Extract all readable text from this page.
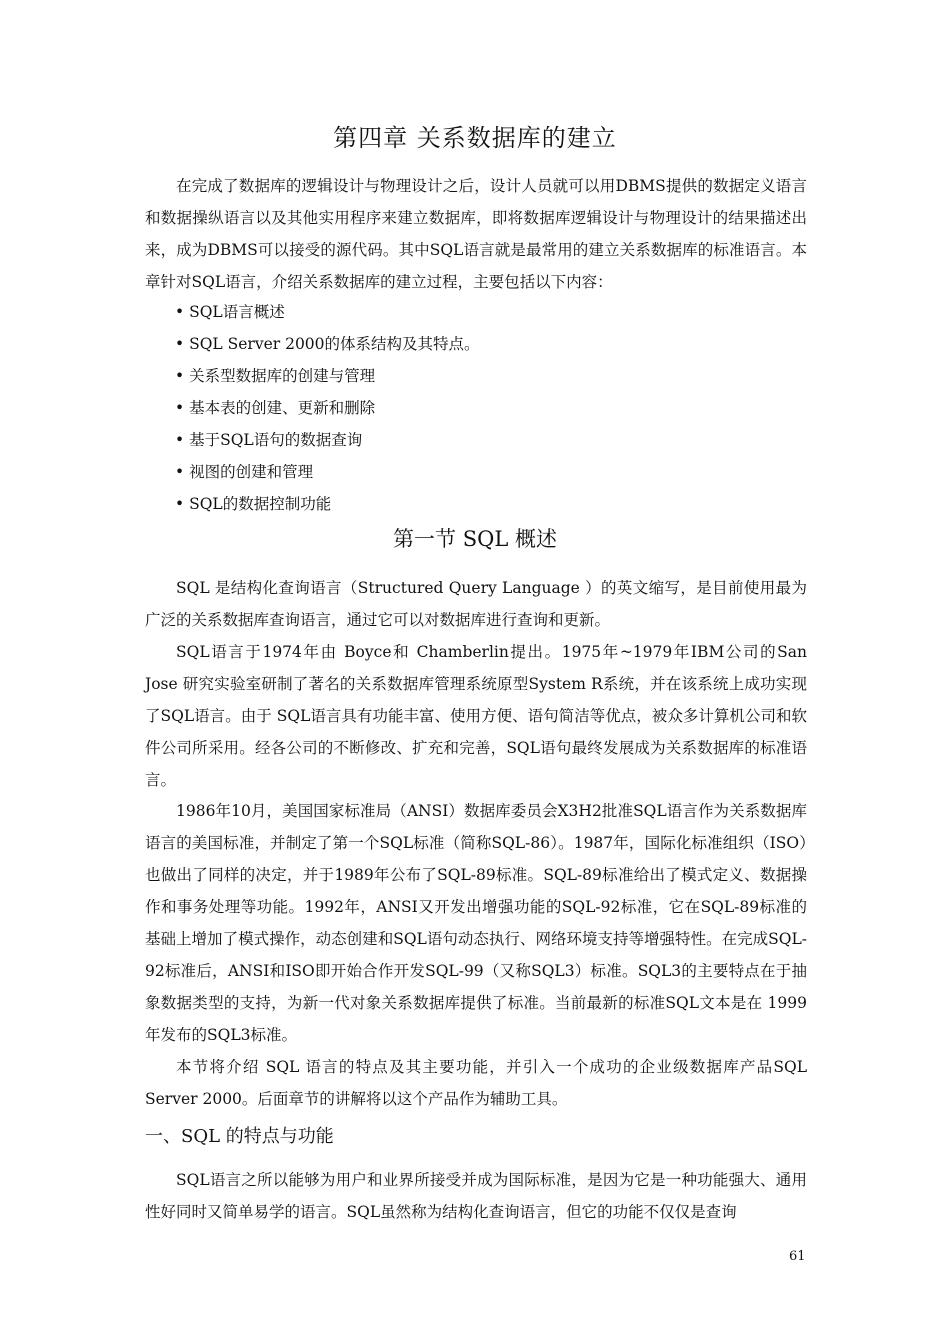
第四章 关系数据库的建立

在完成了数据库的逻辑设计与物理设计之后，设计人员就可以用DBMS提供的数据定义语言和数据操纵语言以及其他实用程序来建立数据库，即将数据库逻辑设计与物理设计的结果描述出来，成为DBMS可以接受的源代码。其中SQL语言就是最常用的建立关系数据库的标准语言。本章针对SQL语言，介绍关系数据库的建立过程，主要包括以下内容：

• SQL语言概述
• SQL Server 2000的体系结构及其特点。
• 关系型数据库的创建与管理
• 基本表的创建、更新和删除
• 基于SQL语句的数据查询
• 视图的创建和管理
• SQL的数据控制功能
第一节 SQL 概述

SQL 是结构化查询语言（Structured Query Language ）的英文缩写，是目前使用最为广泛的关系数据库查询语言，通过它可以对数据库进行查询和更新。

SQL语言于1974年由 Boyce和 Chamberlin提出。1975年~1979年IBM公司的San Jose 研究实验室研制了著名的关系数据库管理系统原型System R系统，并在该系统上成功实现了SQL语言。由于 SQL语言具有功能丰富、使用方便、语句简洁等优点，被众多计算机公司和软件公司所采用。经各公司的不断修改、扩充和完善，SQL语句最终发展成为关系数据库的标准语言。

1986年10月，美国国家标准局（ANSI）数据库委员会X3H2批准SQL语言作为关系数据库语言的美国标准，并制定了第一个SQL标准（简称SQL-86）。1987年，国际化标准组织（ISO）也做出了同样的决定，并于1989年公布了SQL-89标准。SQL-89标准给出了模式定义、数据操作和事务处理等功能。1992年，ANSI又开发出增强功能的SQL-92标准，它在SQL-89标准的基础上增加了模式操作，动态创建和SQL语句动态执行、网络环境支持等增强特性。在完成SQL-92标准后，ANSI和ISO即开始合作开发SQL-99（又称SQL3）标准。SQL3的主要特点在于抽象数据类型的支持，为新一代对象关系数据库提供了标准。当前最新的标准SQL文本是在 1999年发布的SQL3标准。

本节将介绍 SQL 语言的特点及其主要功能，并引入一个成功的企业级数据库产品SQL Server 2000。后面章节的讲解将以这个产品作为辅助工具。

一、SQL 的特点与功能

SQL语言之所以能够为用户和业界所接受并成为国际标准，是因为它是一种功能强大、通用性好同时又简单易学的语言。SQL虽然称为结构化查询语言，但它的功能不仅仅是查询

61
